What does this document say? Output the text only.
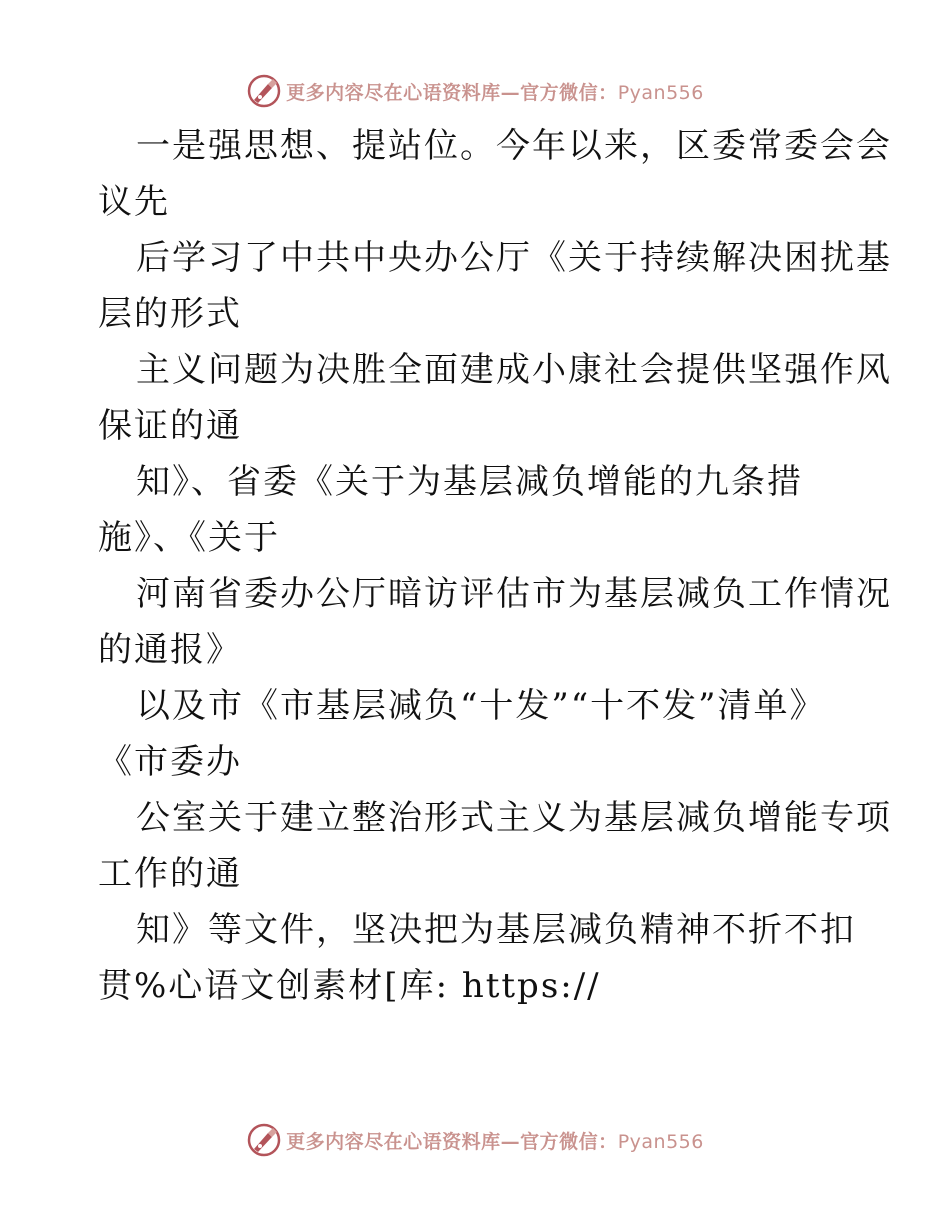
更多内容尽在心语资料库—官方微信：Pyan556
一是强思想、提站位。今年以来，区委常委会会
议先
后学习了中共中央办公厅《关于持续解决困扰基
层的形式
主义问题为决胜全面建成小康社会提供坚强作风
保证的通
知》、省委《关于为基层减负增能的九条措
施》、《关于
河南省委办公厅暗访评估市为基层减负工作情况
的通报》
以及市《市基层减负“十发”“十不发”清单》
《市委办
公室关于建立整治形式主义为基层减负增能专项
工作的通
知》等文件，坚决把为基层减负精神不折不扣
贯%心语文创素材[库: https://
更多内容尽在心语资料库—官方微信：Pyan556
